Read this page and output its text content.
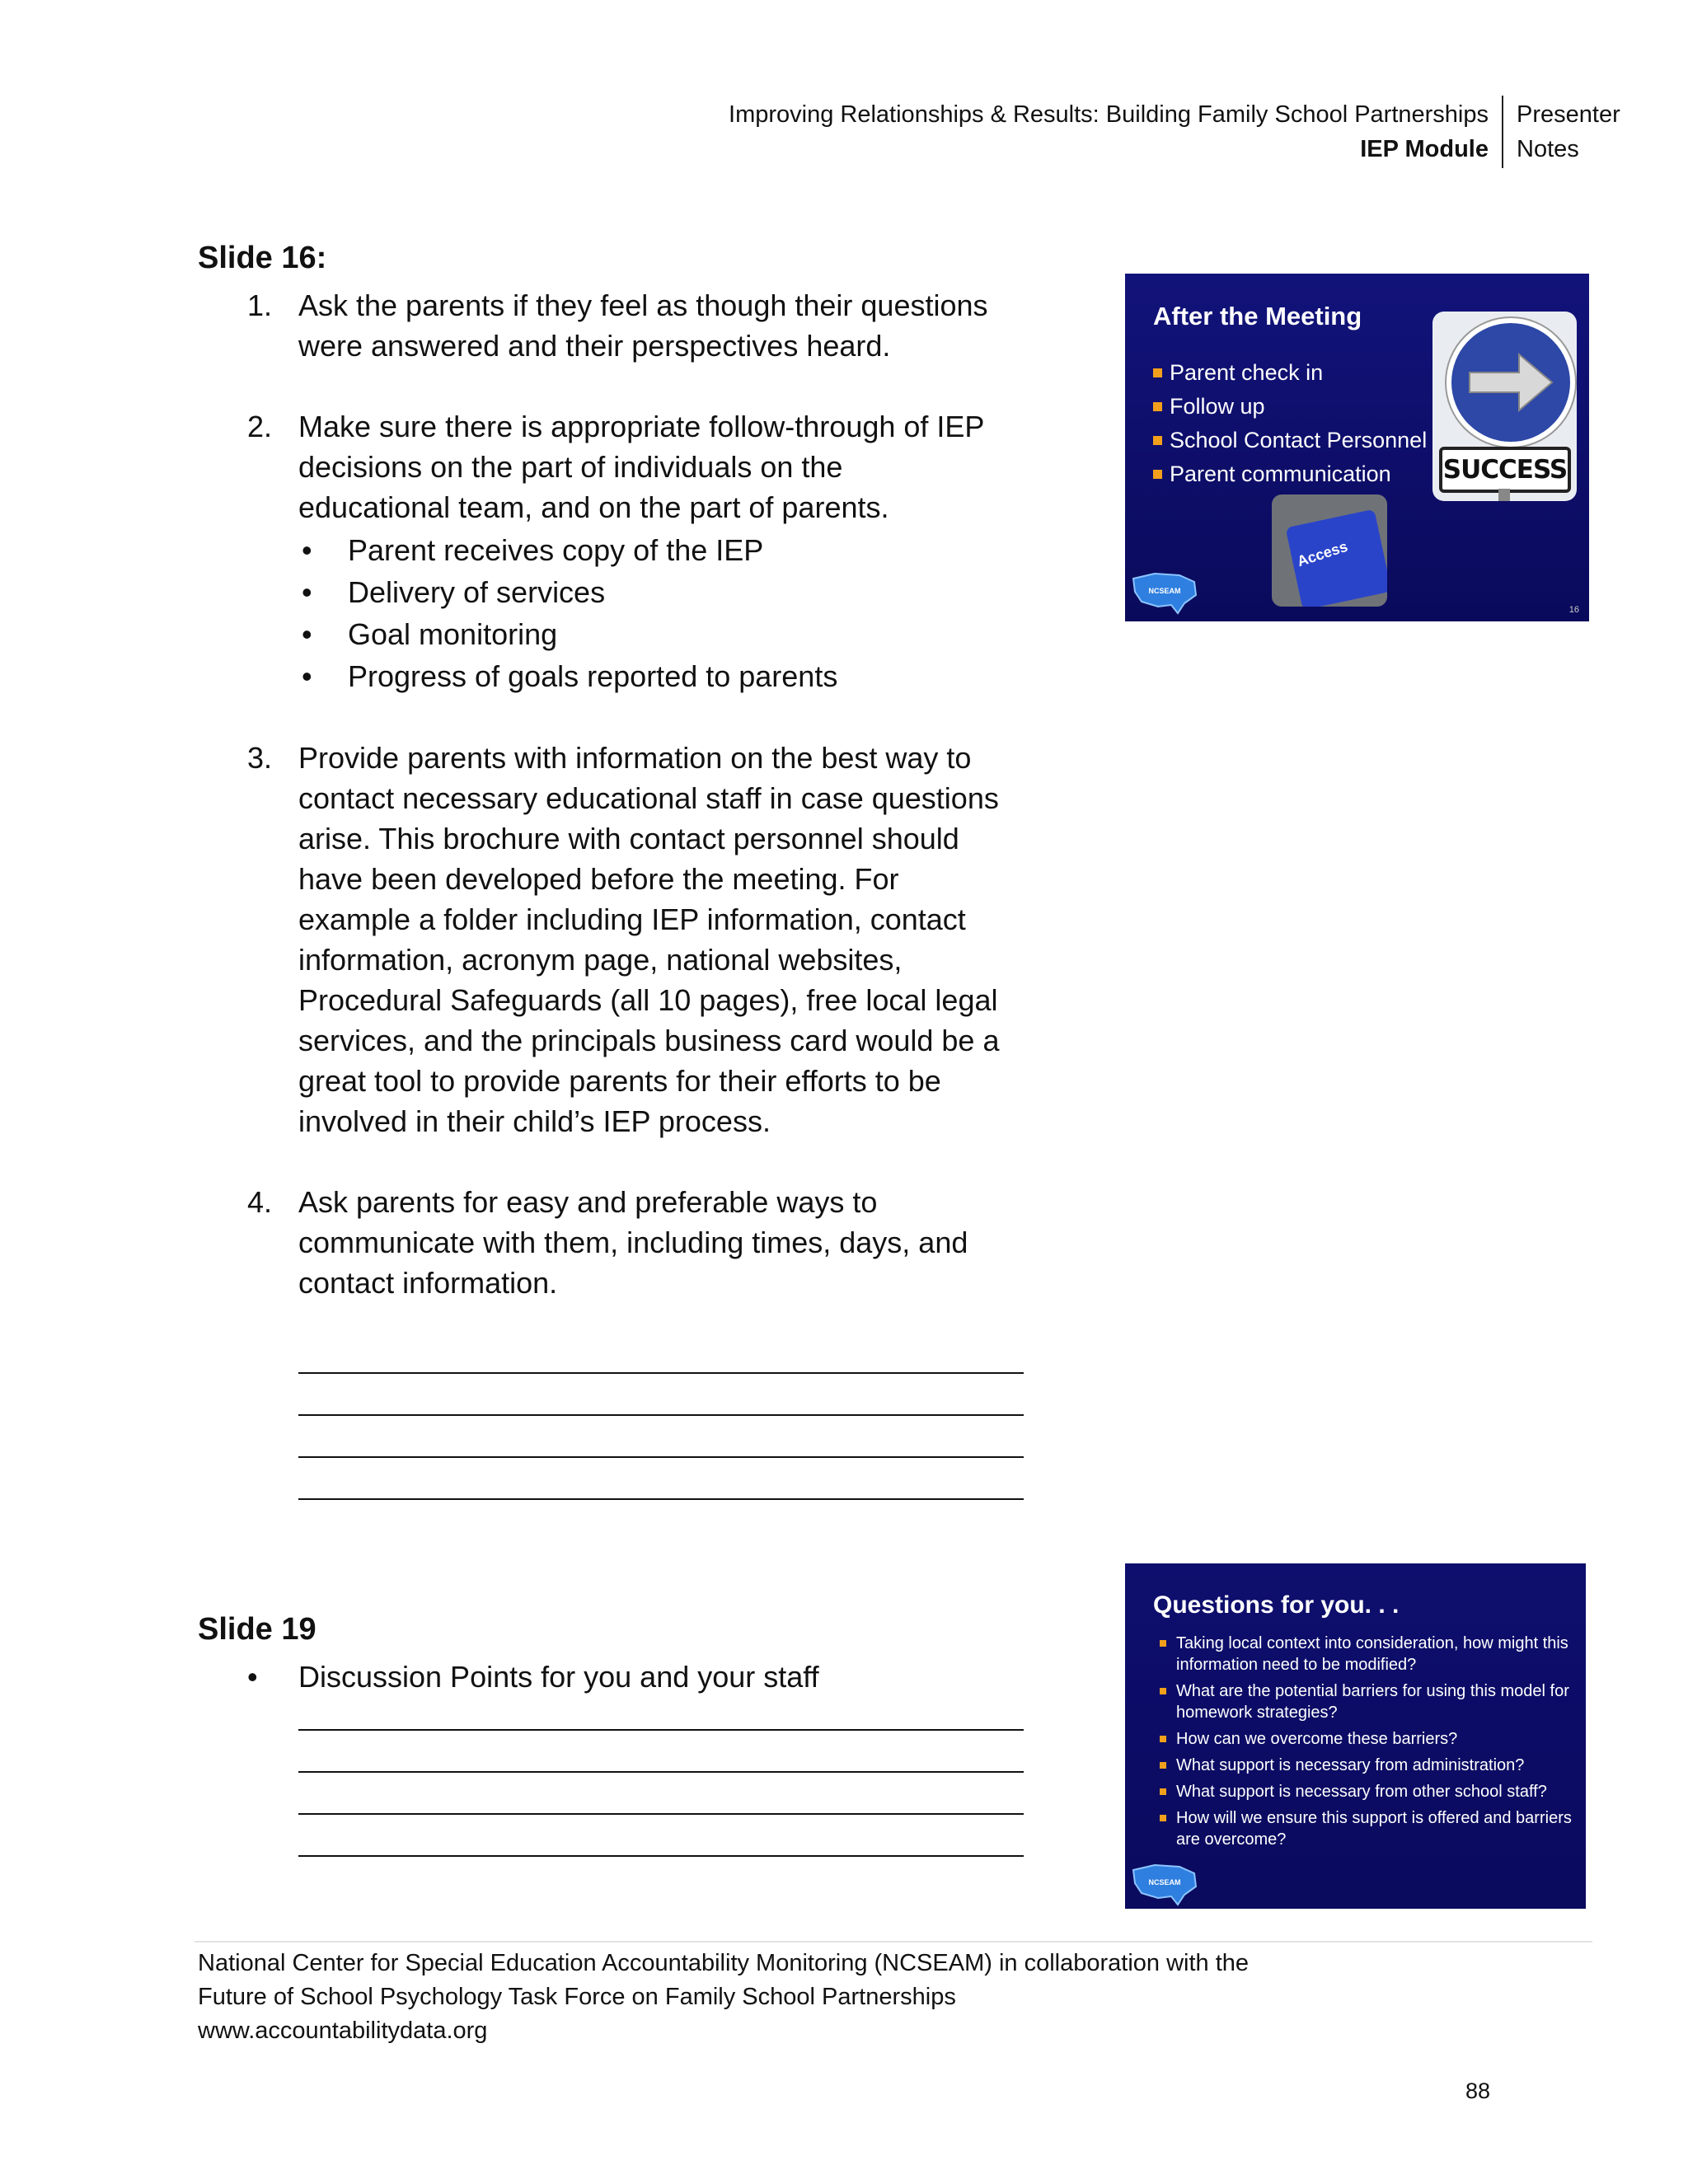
Improving Relationships & Results: Building Family School Partnerships
IEP Module
Presenter
Notes
Slide 16:
1. Ask the parents if they feel as though their questions
were answered and their perspectives heard.
2. Make sure there is appropriate follow-through of IEP
decisions on the part of individuals on the
educational team, and on the part of parents.
• Parent receives copy of the IEP
• Delivery of services
• Goal monitoring
• Progress of goals reported to parents
3. Provide parents with information on the best way to
contact necessary educational staff in case questions
arise. This brochure with contact personnel should
have been developed before the meeting. For
example a folder including IEP information, contact
information, acronym page, national websites,
Procedural Safeguards (all 10 pages), free local legal
services, and the principals business card would be a
great tool to provide parents for their efforts to be
involved in their child’s IEP process.
4. Ask parents for easy and preferable ways to
communicate with them, including times, days, and
contact information.
After the Meeting
Parent check in
Follow up
School Contact Personnel
Parent communication	SUCCESS
Access
NCSEAM
16
Slide 19
• Discussion Points for you and your staff
Questions for you. . .
Taking local context into consideration, how might this information need to be modified?
What are the potential barriers for using this model for homework strategies?
How can we overcome these barriers?
What support is necessary from administration?
What support is necessary from other school staff?
How will we ensure this support is offered and barriers are overcome?
NCSEAM
National Center for Special Education Accountability Monitoring (NCSEAM) in collaboration with the
Future of School Psychology Task Force on Family School Partnerships
www.accountabilitydata.org
88
